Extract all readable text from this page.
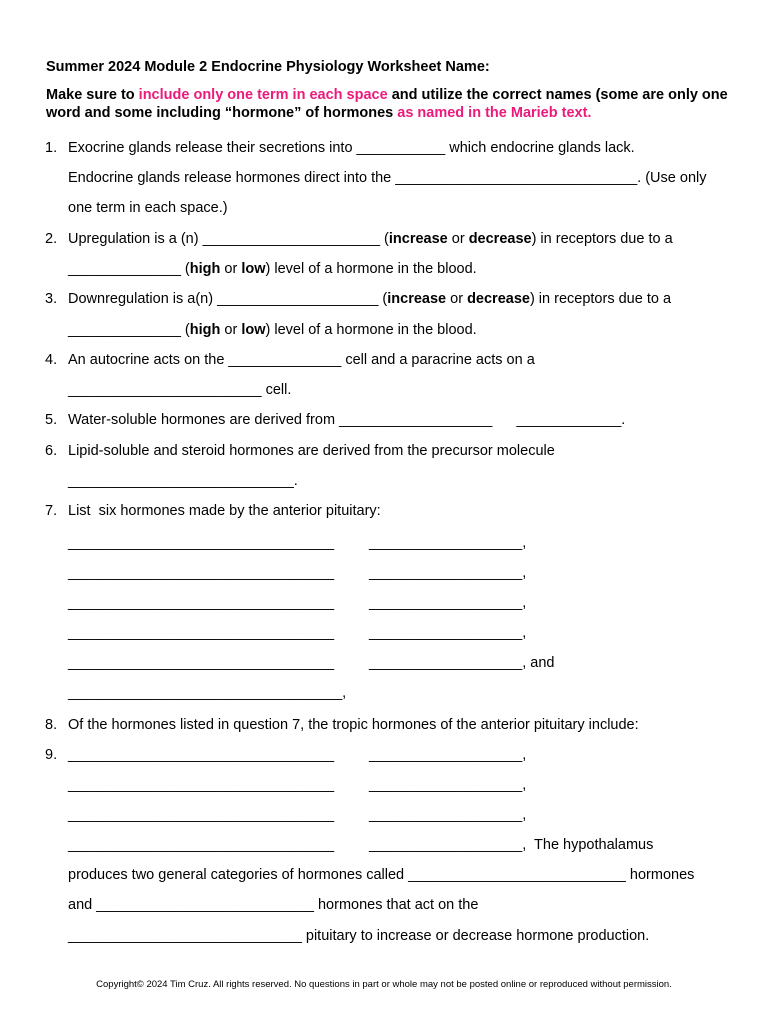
Summer 2024 Module 2 Endocrine Physiology Worksheet Name:
Make sure to include only one term in each space and utilize the correct names (some are only one word and some including “hormone” of hormones as named in the Marieb text.
1. Exocrine glands release their secretions into ___________ which endocrine glands lack.
Endocrine glands release hormones direct into the ______________________________. (Use only
one term in each space.)
2. Upregulation is a (n) ______________________ (increase or decrease) in receptors due to a
______________ (high or low) level of a hormone in the blood.
3. Downregulation is a(n) ____________________ (increase or decrease) in receptors due to a
______________ (high or low) level of a hormone in the blood.
4. An autocrine acts on the ______________ cell and a paracrine acts on a
________________________ cell.
5. Water-soluble hormones are derived from ___________________      _____________.
6. Lipid-soluble and steroid hormones are derived from the precursor molecule
____________________________.
7. List  six hormones made by the anterior pituitary:
_________________________________ ___________________,
_________________________________ ___________________,
_________________________________ ___________________,
_________________________________ ___________________,
_________________________________ ___________________, and
__________________________________,
8. Of the hormones listed in question 7, the tropic hormones of the anterior pituitary include:
9. _________________________________ ___________________,
_________________________________ ___________________,
_________________________________ ___________________,
_________________________________ ___________________,  The hypothalamus
produces two general categories of hormones called ___________________________ hormones
and ___________________________ hormones that act on the
_____________________________ pituitary to increase or decrease hormone production.
Copyright© 2024 Tim Cruz. All rights reserved. No questions in part or whole may not be posted online or reproduced without permission.
